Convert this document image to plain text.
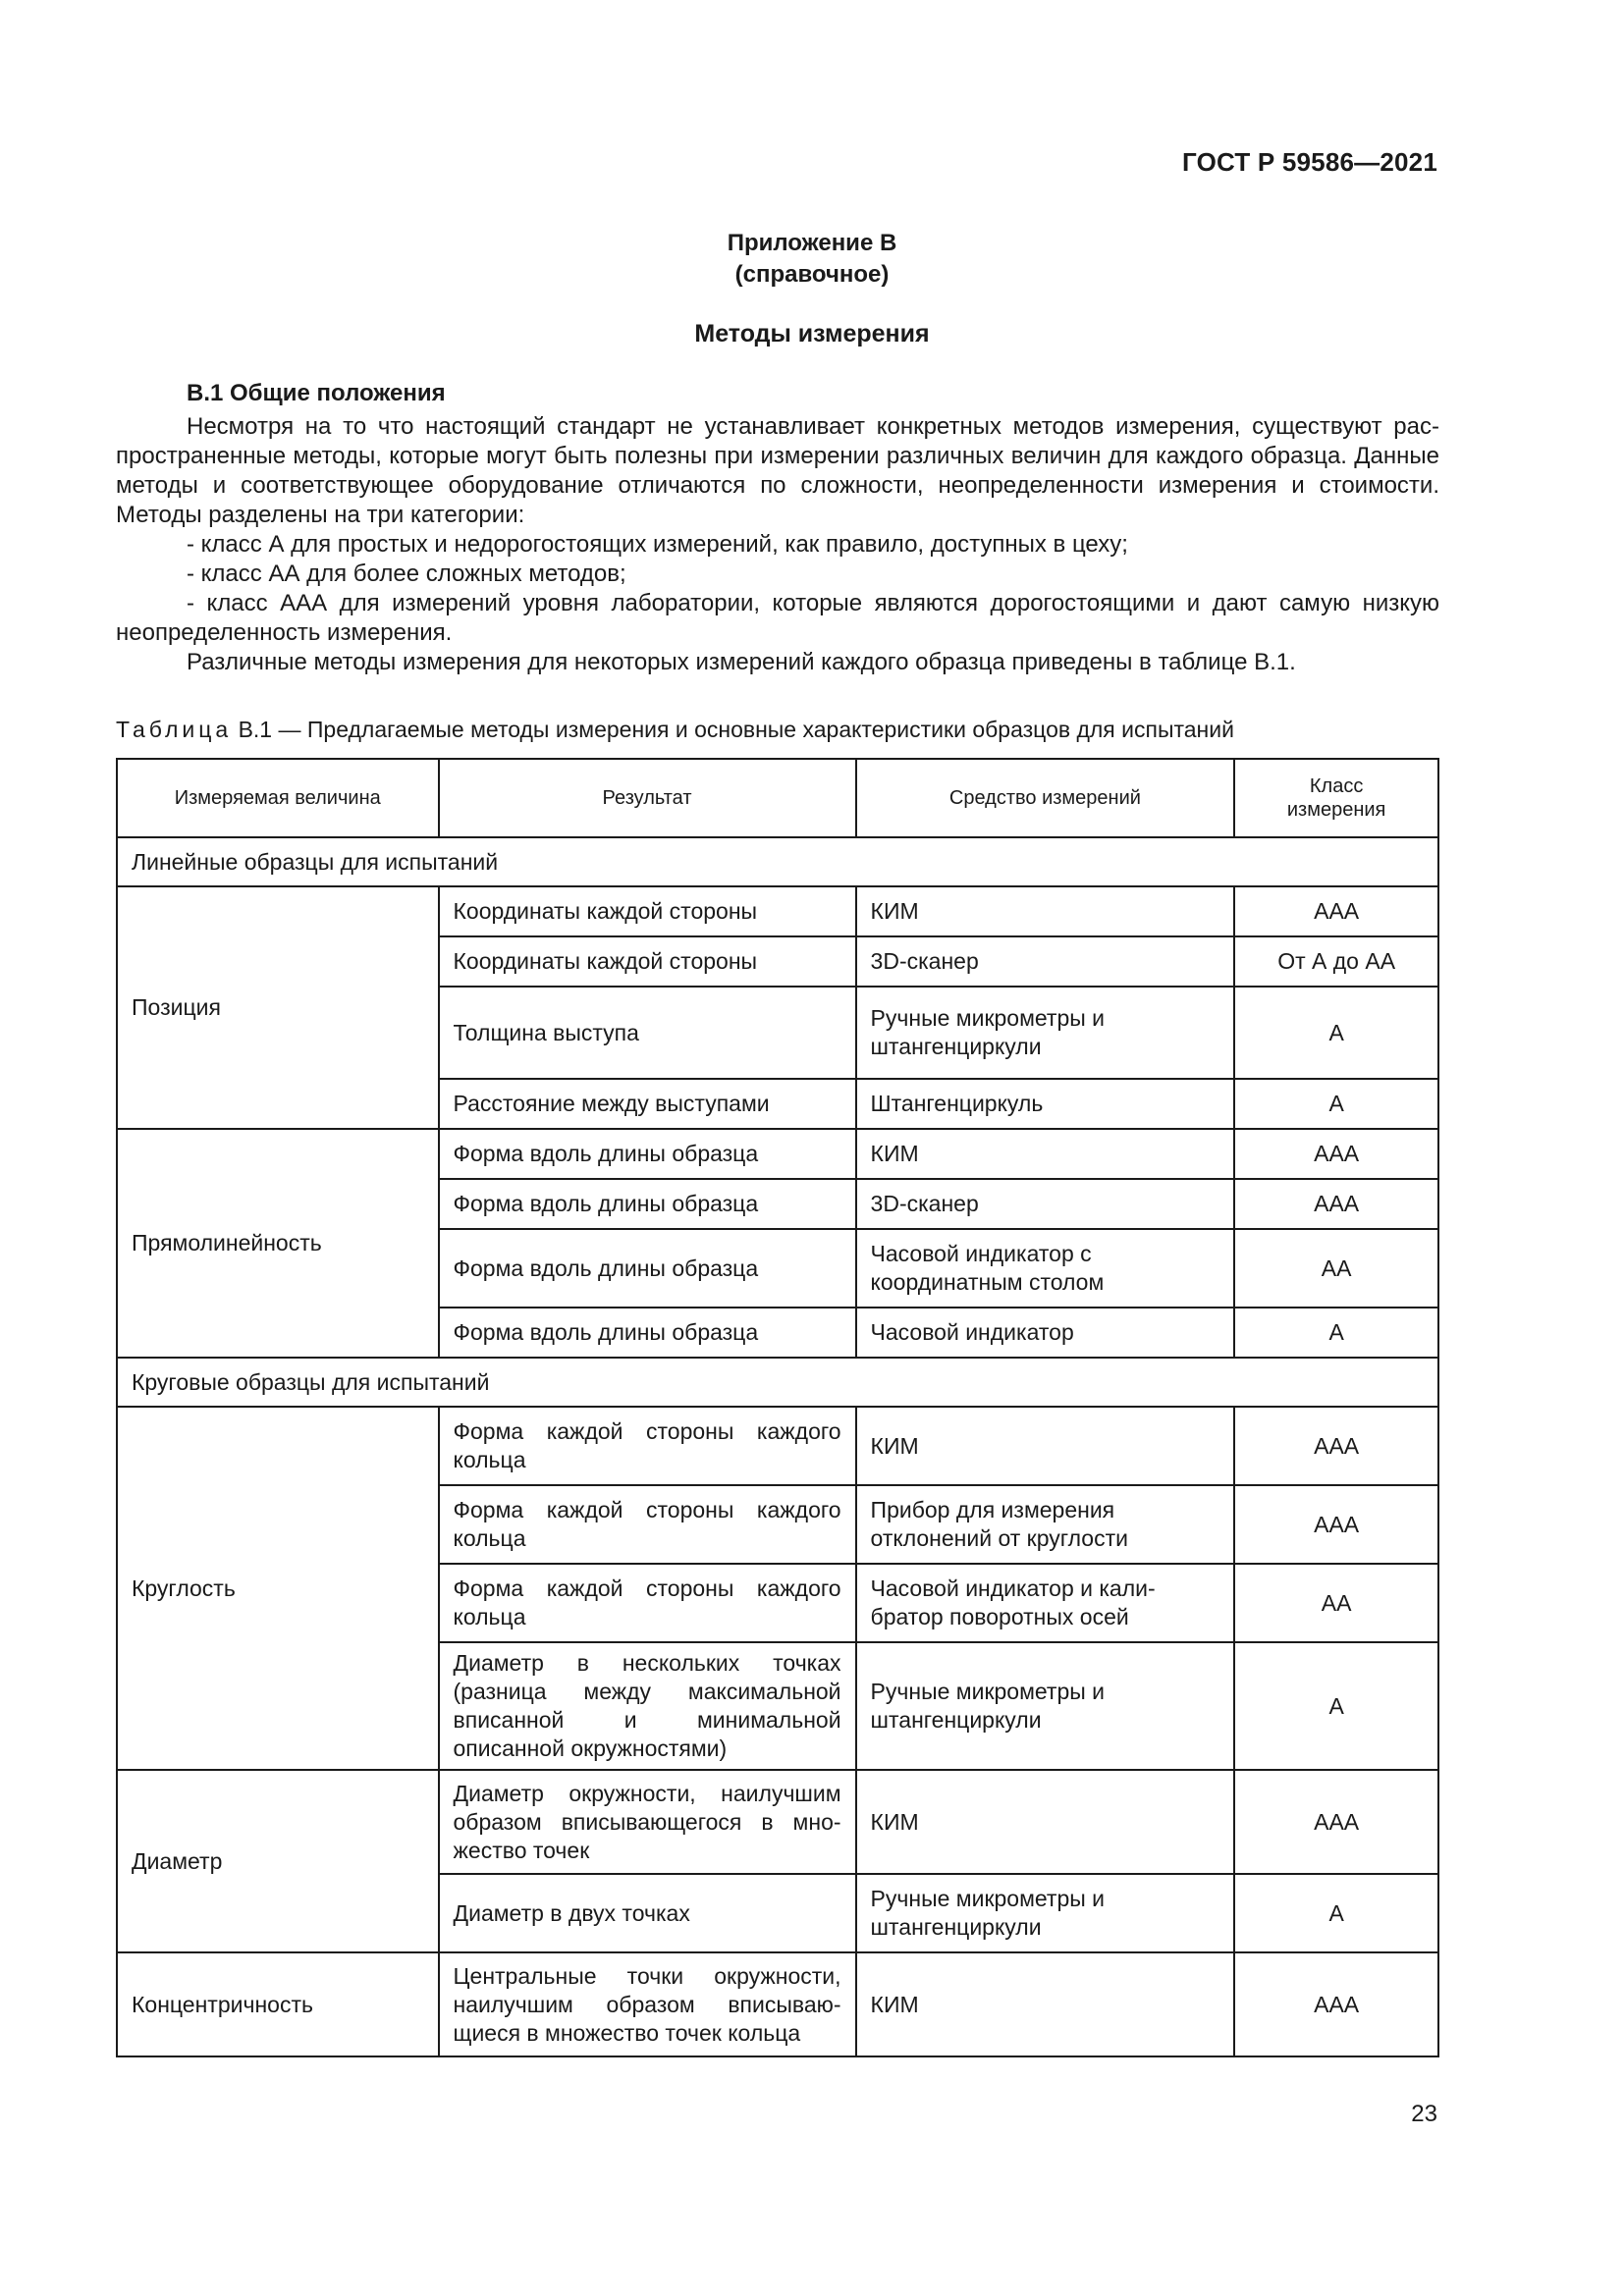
ГОСТ Р 59586—2021
Приложение В
(справочное)
Методы измерения
В.1 Общие положения

Несмотря на то что настоящий стандарт не устанавливает конкретных методов измерения, существуют распространенные методы, которые могут быть полезны при измерении различных величин для каждого образца. Данные методы и соответствующее оборудование отличаются по сложности, неопределенности измерения и стоимости. Методы разделены на три категории:

- класс А для простых и недорогостоящих измерений, как правило, доступных в цеху;

- класс АА для более сложных методов;

- класс ААА для измерений уровня лаборатории, которые являются дорогостоящими и дают самую низкую неопределенность измерения.

Различные методы измерения для некоторых измерений каждого образца приведены в таблице В.1.

Таблица В.1 — Предлагаемые методы измерения и основные характеристики образцов для испытаний
Измеряемая величина	Результат	Средство измерений	Класс измерения

Линейные образцы для испытаний			
Позиция	Координаты каждой стороны	КИМ	ААА
	Координаты каждой стороны	3D-сканер	От А до АА
	Толщина выступа	Ручные микрометры и штангенциркули	А
	Расстояние между выступами	Штангенциркуль	А
Прямолинейность	Форма вдоль длины образца	КИМ	ААА
	Форма вдоль длины образца	3D-сканер	ААА
	Форма вдоль длины образца	Часовой индикатор с координатным столом	АА
	Форма вдоль длины образца	Часовой индикатор	А
Круговые образцы для испытаний			
Круглость	Форма каждой стороны каждого кольца	КИМ	ААА
	Форма каждой стороны каждого кольца	Прибор для измерения отклонений от круглости	ААА
	Форма каждой стороны каждого кольца	Часовой индикатор и калибратор поворотных осей	АА
	Диаметр в нескольких точках (разница между максимальной вписанной и минимальной описанной окружностями)	Ручные микрометры и штангенциркули	А
Диаметр	Диаметр окружности, наилучшим образом вписывающегося в множество точек	КИМ	ААА
	Диаметр в двух точках	Ручные микрометры и штангенциркули	А
Концентричность	Центральные точки окружности, наилучшим образом вписывающиеся в множество точек кольца	КИМ	ААА
23
